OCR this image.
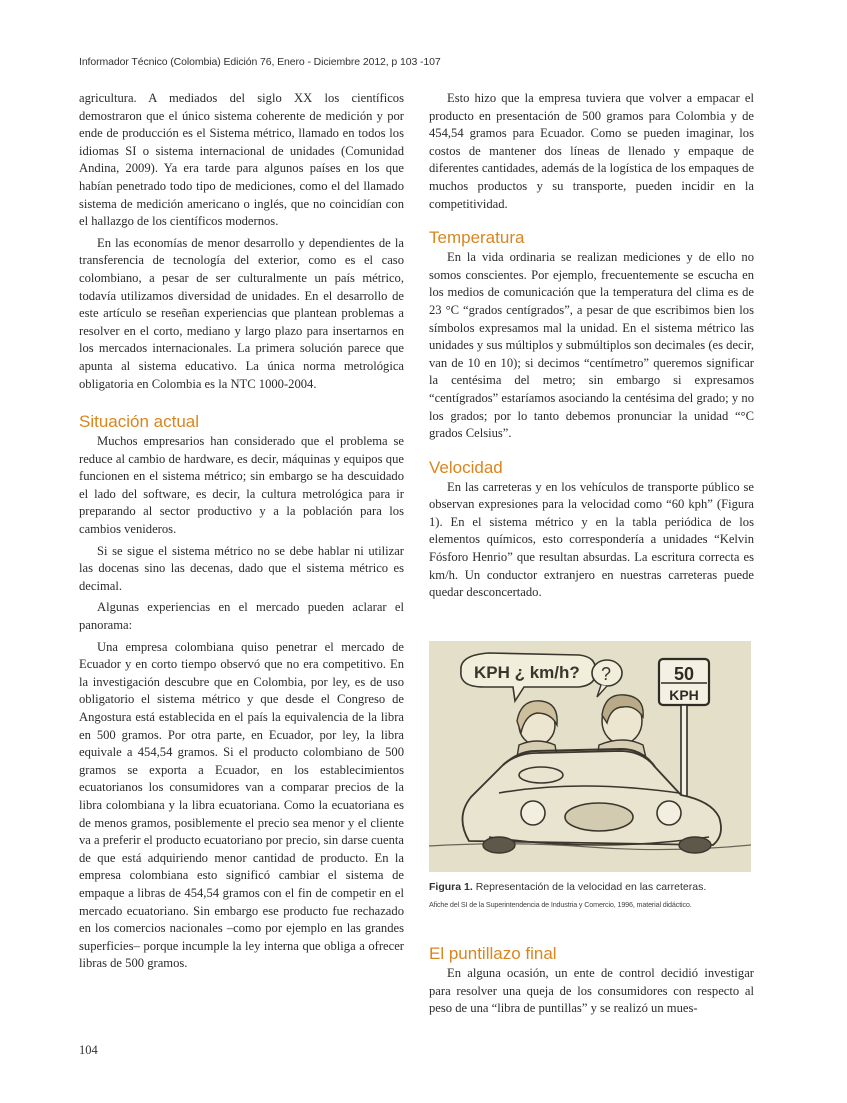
Informador Técnico (Colombia) Edición 76, Enero - Diciembre 2012, p 103 -107

agricultura. A mediados del siglo XX los científicos demostraron que el único sistema coherente de medición y por ende de producción es el Sistema métrico, llamado en todos los idiomas SI o sistema internacional de unidades (Comunidad Andina, 2009). Ya era tarde para algunos países en los que habían penetrado todo tipo de mediciones, como el del llamado sistema de medición americano o inglés, que no coincidían con el hallazgo de los científicos modernos.

En las economías de menor desarrollo y dependientes de la transferencia de tecnología del exterior, como es el caso colombiano, a pesar de ser culturalmente un país métrico, todavía utilizamos diversidad de unidades. En el desarrollo de este artículo se reseñan experiencias que plantean problemas a resolver en el corto, mediano y largo plazo para insertarnos en los mercados internacionales. La primera solución parece que apunta al sistema educativo. La única norma metrológica obligatoria en Colombia es la NTC 1000-2004.

Situación actual

Muchos empresarios han considerado que el problema se reduce al cambio de hardware, es decir, máquinas y equipos que funcionen en el sistema métrico; sin embargo se ha descuidado el lado del software, es decir, la cultura metrológica para ir preparando al sector productivo y a la población para los cambios venideros.

Si se sigue el sistema métrico no se debe hablar ni utilizar las docenas sino las decenas, dado que el sistema métrico es decimal.

Algunas experiencias en el mercado pueden aclarar el panorama:

Una empresa colombiana quiso penetrar el mercado de Ecuador y en corto tiempo observó que no era competitivo. En la investigación descubre que en Colombia, por ley, es de uso obligatorio el sistema métrico y que desde el Congreso de Angostura está establecida en el país la equivalencia de la libra en 500 gramos. Por otra parte, en Ecuador, por ley, la libra equivale a 454,54 gramos. Si el producto colombiano de 500 gramos se exporta a Ecuador, en los establecimientos ecuatorianos los consumidores van a comparar precios de la libra colombiana y la libra ecuatoriana. Como la ecuatoriana es de menos gramos, posiblemente el precio sea menor y el cliente va a preferir el producto ecuatoriano por precio, sin darse cuenta de que está adquiriendo menor cantidad de producto. En la empresa colombiana esto significó cambiar el sistema de empaque a libras de 454,54 gramos con el fin de competir en el mercado ecuatoriano. Sin embargo ese producto fue rechazado en los comercios nacionales –como por ejemplo en las grandes superficies– porque incumple la ley interna que obliga a ofrecer libras de 500 gramos.

Esto hizo que la empresa tuviera que volver a empacar el producto en presentación de 500 gramos para Colombia y de 454,54 gramos para Ecuador. Como se pueden imaginar, los costos de mantener dos líneas de llenado y empaque de diferentes cantidades, además de la logística de los empaques de muchos productos y su transporte, pueden incidir en la competitividad.

Temperatura

En la vida ordinaria se realizan mediciones y de ello no somos conscientes. Por ejemplo, frecuentemente se escucha en los medios de comunicación que la temperatura del clima es de 23 °C “grados centígrados”, a pesar de que escribimos bien los símbolos expresamos mal la unidad. En el sistema métrico las unidades y sus múltiplos y submúltiplos son decimales (es decir, van de 10 en 10); si decimos “centímetro” queremos significar la centésima del metro; sin embargo si expresamos “centígrados” estaríamos asociando la centésima del grado; y no los grados; por lo tanto debemos pronunciar la unidad “°C grados Celsius”.

Velocidad

En las carreteras y en los vehículos de transporte público se observan expresiones para la velocidad como “60 kph” (Figura 1). En el sistema métrico y en la tabla periódica de los elementos químicos, esto correspondería a unidades “Kelvin Fósforo Henrio” que resultan absurdas. La escritura correcta es km/h. Un conductor extranjero en nuestras carreteras puede quedar desconcertado.

KPH ¿ km/h? ?	50
KPH

Figura 1. Representación de la velocidad en las carreteras.

Afiche del SI de la Superintendencia de Industria y Comercio, 1996, material didáctico.

El puntillazo final

En alguna ocasión, un ente de control decidió investigar para resolver una queja de los consumidores con respecto al peso de una “libra de puntillas” y se realizó un mues-

104
